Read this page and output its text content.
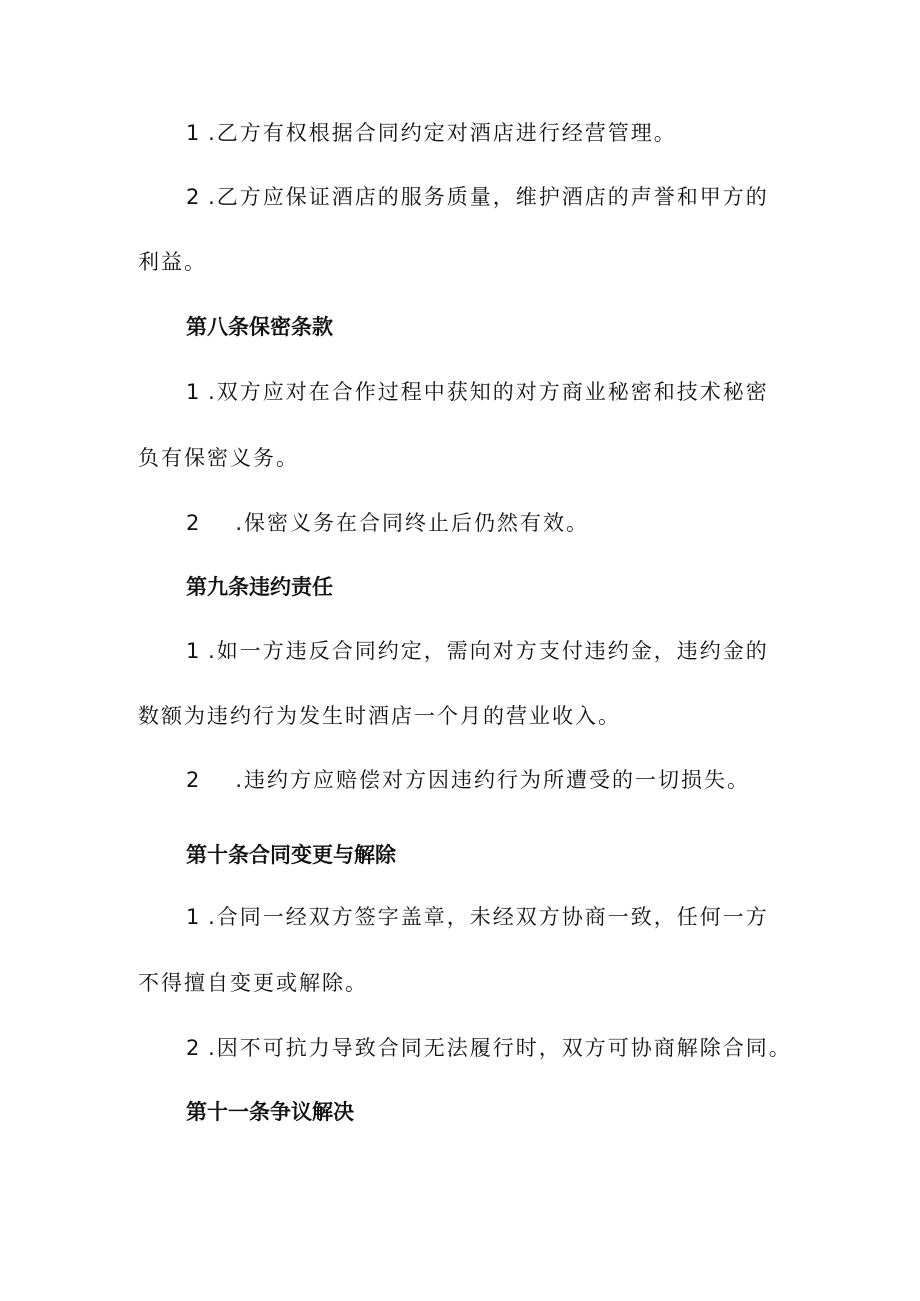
1 .乙方有权根据合同约定对酒店进行经营管理。
2 .乙方应保证酒店的服务质量，维护酒店的声誉和甲方的
利益。
第八条保密条款
1 .双方应对在合作过程中获知的对方商业秘密和技术秘密
负有保密义务。
2 .保密义务在合同终止后仍然有效。
第九条违约责任
1 .如一方违反合同约定，需向对方支付违约金，违约金的
数额为违约行为发生时酒店一个月的营业收入。
2 .违约方应赔偿对方因违约行为所遭受的一切损失。
第十条合同变更与解除
1 .合同一经双方签字盖章，未经双方协商一致，任何一方
不得擅自变更或解除。
2 .因不可抗力导致合同无法履行时，双方可协商解除合同。
第十一条争议解决
